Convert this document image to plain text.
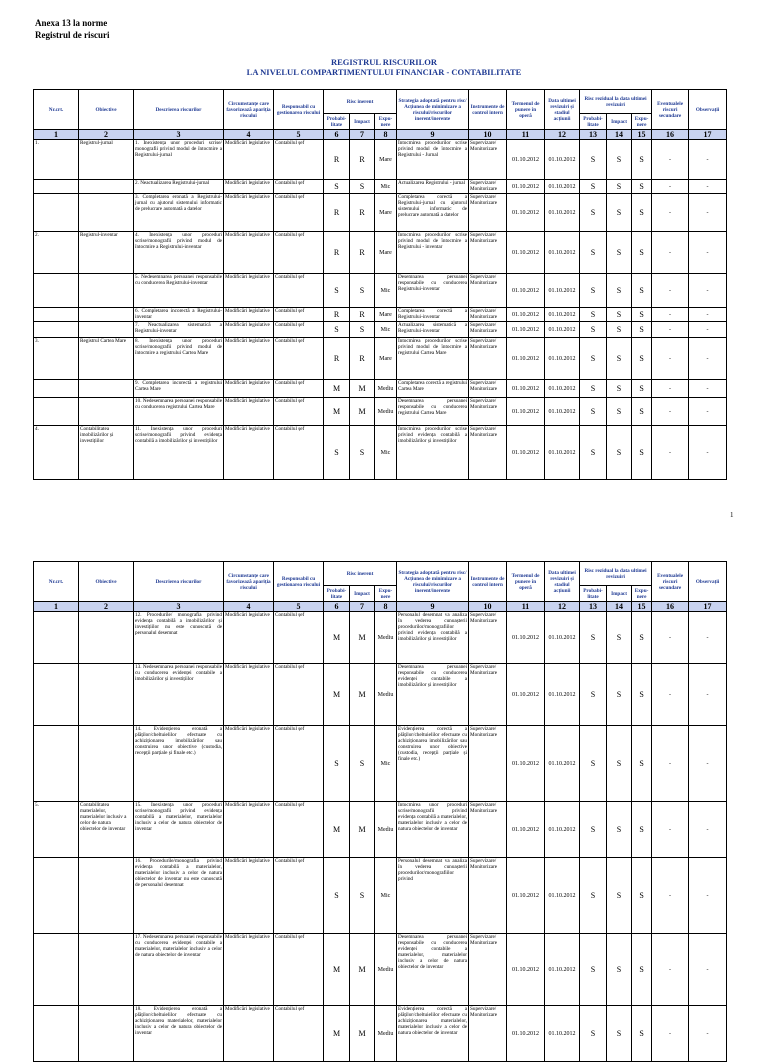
Anexa 13 la norme
Registrul de riscuri
REGISTRUL RISCURILOR
LA NIVELUL COMPARTIMENTULUI FINANCIAR - CONTABILITATE
Nr.crt.	Obiective	Descrierea riscurilor	Circumstanțe care favorizează apariția riscului	Responsabil cu gestionarea riscului	Risc inerent			Strategia adoptată pentru risc/ Acțiunea de minimizare a riscului/riscurilor inerent/inerente	Instrumente de control intern	Termenul de punere în operă	Data ultimei revizuiri și stadiul acțiunii	Risc rezidual la data ultimei revizuiri			Eventualele riscuri secundare	Observații
					Probabi-litate	Impact	Expu-nere					Probabi-litate	Impact	Expu-nere		
1	2	3	4	5	6	7	8	9	10	11	12	13	14	15	16	17
1.	Registrul-jurnal	1. Inexistența unor proceduri scrise/ monografii privind modul de întocmire a Registrului-jurnal	Modificări legislative	Contabilul șef	R	R	Mare	Întocmirea procedurilor scrise privind modul de întocmire a Registrului - Jurnal	Supervizare/ Monitorizare	01.10.2012	01.10.2012	S	S	S	-	-
		2. Neactualizarea Registrului-jurnal	Modificări legislative	Contabilul șef	S	S	Mic	Actualizarea Registrului - jurnal	Supervizare/ Monitorizare	01.10.2012	01.10.2012	S	S	S	-	-
		3. Completarea eronată a Registrului-jurnal cu ajutorul sistemului informatic de prelucrare automată a datelor	Modificări legislative	Contabilul șef	R	R	Mare	Completarea corectă a Registrului-jurnal cu ajutorul sistemului informatic de prelucrare automată a datelor	Supervizare/ Monitorizare	01.10.2012	01.10.2012	S	S	S	-	-
2.	Registrul-inventar	4. Inexistența unor proceduri scrise/monografii privind modul de întocmire a Registrului-inventar	Modificări legislative	Contabilul șef	R	R	Mare	Întocmirea procedurilor scrise privind modul de întocmire a Registrului - inventar	Supervizare/ Monitorizare	01.10.2012	01.10.2012	S	S	S	-	-
		5. Nedesemnarea persoanei responsabile cu conducerea Registrului-inventar	Modificări legislative	Contabilul șef	S	S	Mic	Desemnarea persoanei responsabile cu conducerea Registrului-inventar	Supervizare/ Monitorizare	01.10.2012	01.10.2012	S	S	S	-	-
		6. Completarea incorectă a Registrului-inventar	Modificări legislative	Contabilul șef	R	R	Mare	Completarea corectă a Registrului-inventar	Supervizare/ Monitorizare	01.10.2012	01.10.2012	S	S	S	-	-
		7. Neactualizarea sistematică a Registrului-inventar	Modificări legislative	Contabilul șef	S	S	Mic	Actualizarea sistematică a Registrului-inventar	Supervizare/ Monitorizare	01.10.2012	01.10.2012	S	S	S	-	-
3.	Registrul Cartea Mare	8. Inexistența unor proceduri scrise/monografii privind modul de întocmire a registrului Cartea Mare	Modificări legislative	Contabilul șef	R	R	Mare	Întocmirea procedurilor scrise privind modul de întocmire a registrului Cartea Mare	Supervizare/ Monitorizare	01.10.2012	01.10.2012	S	S	S	-	-
		9. Completarea incorectă a registrului Cartea Mare	Modificări legislative	Contabilul șef	M	M	Mediu	Completarea corectă a registrului Cartea Mare	Supervizare/ Monitorizare	01.10.2012	01.10.2012	S	S	S	-	-
		10. Nedesemnarea persoanei responsabile cu conducerea registrului Cartea Mare	Modificări legislative	Contabilul șef	M	M	Mediu	Desemnarea persoanei responsabile cu conducerea registrului Cartea Mare	Supervizare/ Monitorizare	01.10.2012	01.10.2012	S	S	S	-	-
4.	Contabilitatea imobilizărilor și investițiilor	11. Inexistența unor proceduri scrise/monografii privind evidența contabilă a imobilizărilor și investițiilor	Modificări legislative	Contabilul șef	S	S	Mic	Întocmirea procedurilor scrise privind evidența contabilă a imobilizărilor și investițiilor	Supervizare/ Monitorizare	01.10.2012	01.10.2012	S	S	S	-	-
1
Nr.crt.	Obiective	Descrierea riscurilor	Circumstanțe care favorizează apariția riscului	Responsabil cu gestionarea riscului	Risc inerent			Strategia adoptată pentru risc/ Acțiunea de minimizare a riscului/riscurilor inerent/inerente	Instrumente de control intern	Termenul de punere în operă	Data ultimei revizuiri și stadiul acțiunii	Risc rezidual la data ultimei revizuiri			Eventualele riscuri secundare	Observații
					Probabi-litate	Impact	Expu-nere					Probabi-litate	Impact	Expu-nere		
1	2	3	4	5	6	7	8	9	10	11	12	13	14	15	16	17
		12. Procedurile/ monografia privind evidența contabilă a imobilizărilor și investițiilor nu este cunoscută de personalul desemnat	Modificări legislative	Contabilul șef	M	M	Mediu	Personalul desemnat va analiza în vederea cunoașterii procedurilor/monografiilor privind evidența contabilă a imobilizărilor și investițiilor	Supervizare/ Monitorizare	01.10.2012	01.10.2012	S	S	S	-	-
		13. Nedesemnarea persoanei responsabile cu conducerea evidenței contabile a imobilizărilor și investițiilor	Modificări legislative	Contabilul șef	M	M	Mediu	Desemnarea persoanei responsabile cu conducerea evidenței contabile a imobilizărilor și investițiilor	Supervizare/ Monitorizare	01.10.2012	01.10.2012	S	S	S	-	-
		14. Evidențierea eronată a plăților/cheltuielilor efectuate cu achiziționarea imobilizărilor sau construirea unor obiective (custodia, recepții parțiale și finale etc.)	Modificări legislative	Contabilul șef	S	S	Mic	Evidențierea corectă a plăților/cheltuielilor efectuate cu achiziționarea imobilizărilor sau construirea unor obiective (custodia, recepții parțiale și finale etc.)	Supervizare/ Monitorizare	01.10.2012	01.10.2012	S	S	S	-	-
5.	Contabilitatea materialelor, materialelor inclusiv a celor de natura obiectelor de inventar	15. Inexistența unor proceduri scrise/monografii privind evidența contabilă a materialelor, materialelor inclusiv a celor de natura obiectelor de inventar	Modificări legislative	Contabilul șef	M	M	Mediu	Întocmirea unor proceduri scrise/monografii privind evidența contabilă a materialelor, materialelor inclusiv a celor de natura obiectelor de inventar	Supervizare/ Monitorizare	01.10.2012	01.10.2012	S	S	S	-	-
		16. Procedurile/monografia privind evidența contabilă a materialelor, materialelor inclusiv a celor de natura obiectelor de inventar nu este cunoscută de personalul desemnat	Modificări legislative	Contabilul șef	S	S	Mic	Personalul desemnat va analiza în vederea cunoașterii procedurilor/monografiilor privind	Supervizare/ Monitorizare	01.10.2012	01.10.2012	S	S	S	-	-
		17. Nedesemnarea persoanei responsabile cu conducerea evidenței contabile a materialelor, materialelor inclusiv a celor de natura obiectelor de inventar	Modificări legislative	Contabilul șef	M	M	Mediu	Desemnarea persoanei responsabile cu conducerea evidenței contabile a materialelor, materialelor inclusiv a celor de natura obiectelor de inventar	Supervizare/ Monitorizare	01.10.2012	01.10.2012	S	S	S	-	-
		18. Evidențierea eronată a plăților/cheltuielilor efectuate cu achiziționarea materialelor, materialelor inclusiv a celor de natura obiectelor de inventar	Modificări legislative	Contabilul șef	M	M	Mediu	Evidențierea corectă a plăților/cheltuielilor efectuate cu achiziționarea materialelor, materialelor inclusiv a celor de natura obiectelor de inventar	Supervizare/ Monitorizare	01.10.2012	01.10.2012	S	S	S	-	-
